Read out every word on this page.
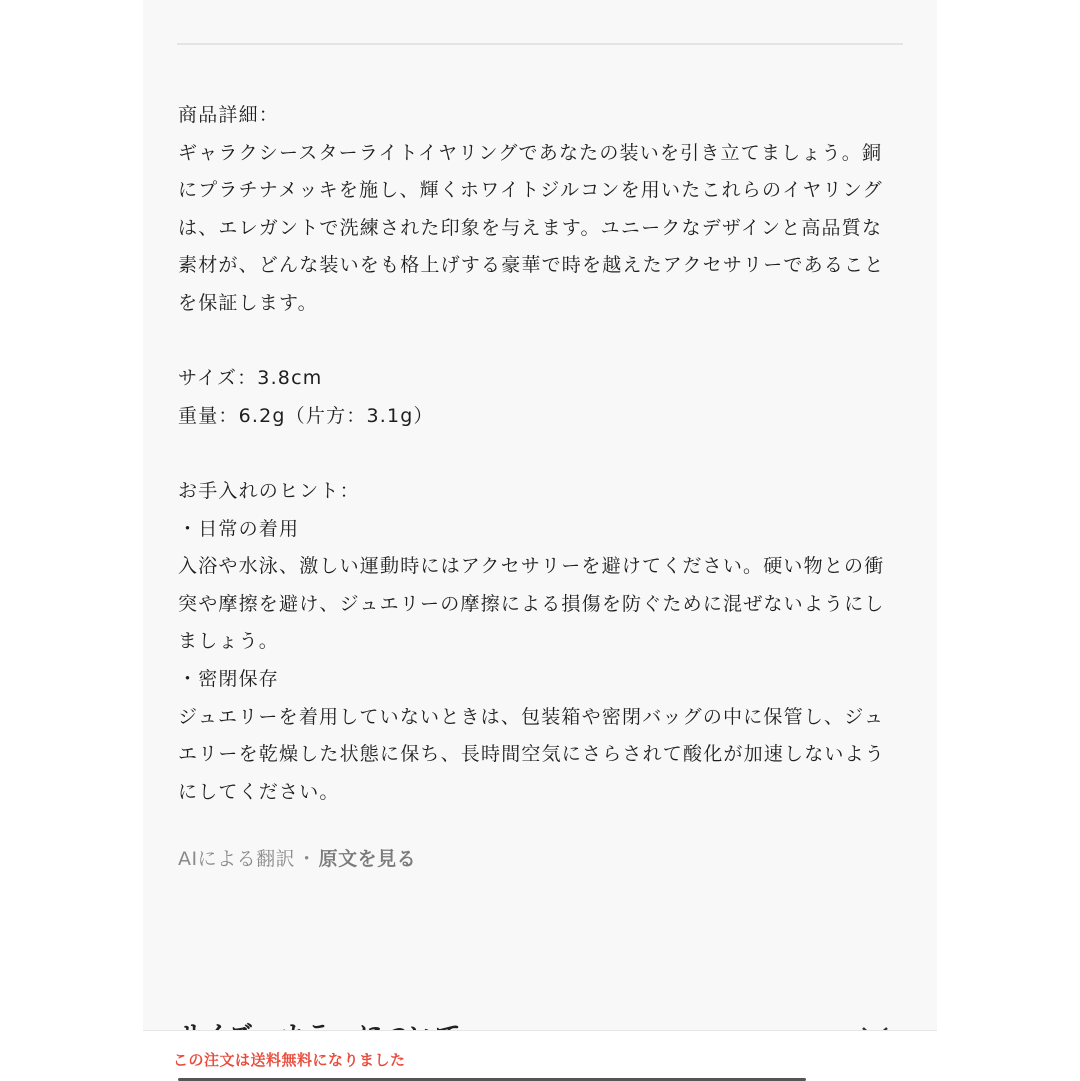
商品詳細：

ギャラクシースターライトイヤリングであなたの装いを引き立てましょう。銅

にプラチナメッキを施し、輝くホワイトジルコンを用いたこれらのイヤリング

は、エレガントで洗練された印象を与えます。ユニークなデザインと高品質な

素材が、どんな装いをも格上げする豪華で時を越えたアクセサリーであること

を保証します。

サイズ：3.8cm

重量：6.2g（片方：3.1g）

お手入れのヒント：

・日常の着用

入浴や水泳、激しい運動時にはアクセサリーを避けてください。硬い物との衝

突や摩擦を避け、ジュエリーの摩擦による損傷を防ぐために混ぜないようにし

ましょう。

・密閉保存

ジュエリーを着用していないときは、包装箱や密閉バッグの中に保管し、ジュ

エリーを乾燥した状態に保ち、長時間空気にさらされて酸化が加速しないよう

にしてください。

AIによる翻訳 ・ 原文を見る
この注文は送料無料になりました
